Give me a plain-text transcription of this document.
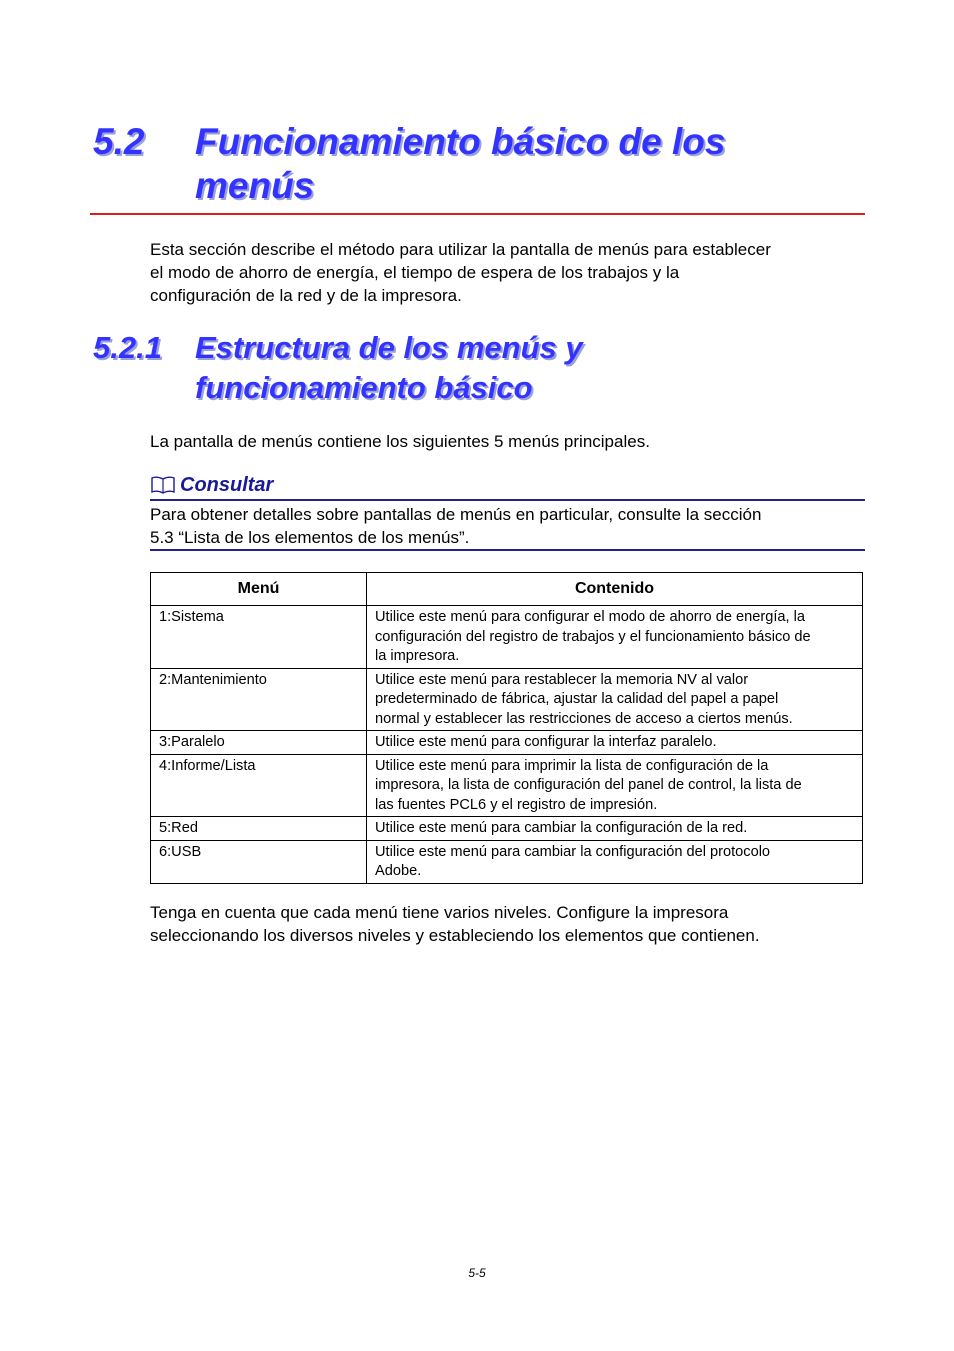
5.2 Funcionamiento básico de los
menús

Esta sección describe el método para utilizar la pantalla de menús para establecer
el modo de ahorro de energía, el tiempo de espera de los trabajos y la
configuración de la red y de la impresora.

5.2.1 Estructura de los menús y
funcionamiento básico

La pantalla de menús contiene los siguientes 5 menús principales.

Consultar

Para obtener detalles sobre pantallas de menús en particular, consulte la sección
5.3 “Lista de los elementos de los menús”.

Menú	Contenido
1:Sistema	Utilice este menú para configurar el modo de ahorro de energía, la
configuración del registro de trabajos y el funcionamiento básico de
la impresora.
2:Mantenimiento	Utilice este menú para restablecer la memoria NV al valor
predeterminado de fábrica, ajustar la calidad del papel a papel
normal y establecer las restricciones de acceso a ciertos menús.
3:Paralelo	Utilice este menú para configurar la interfaz paralelo.
4:Informe/Lista	Utilice este menú para imprimir la lista de configuración de la
impresora, la lista de configuración del panel de control, la lista de
las fuentes PCL6 y el registro de impresión.
5:Red	Utilice este menú para cambiar la configuración de la red.
6:USB	Utilice este menú para cambiar la configuración del protocolo
Adobe.

Tenga en cuenta que cada menú tiene varios niveles. Configure la impresora
seleccionando los diversos niveles y estableciendo los elementos que contienen.

5-5
